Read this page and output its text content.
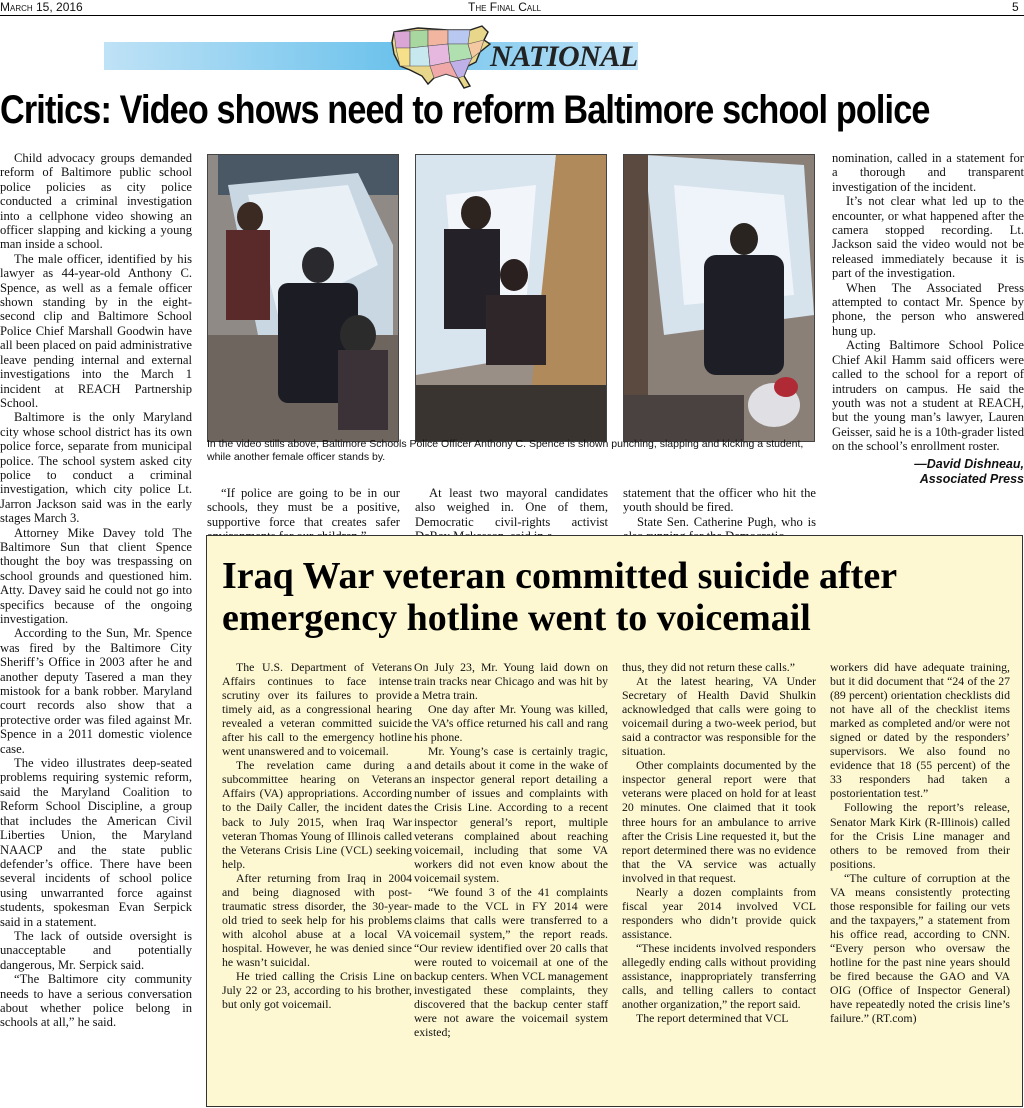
March 15, 2016	The Final Call	5
NATIONAL
Critics: Video shows need to reform Baltimore school police

Child advocacy groups demanded reform of Baltimore public school police policies as city police conducted a criminal investigation into a cellphone video showing an officer slapping and kicking a young man inside a school.

The male officer, identified by his lawyer as 44-year-old Anthony C. Spence, as well as a female officer shown standing by in the eight-second clip and Baltimore School Police Chief Marshall Goodwin have all been placed on paid administrative leave pending internal and external investigations into the March 1 incident at REACH Partnership School.

Baltimore is the only Maryland city whose school district has its own police force, separate from municipal police. The school system asked city police to conduct a criminal investigation, which city police Lt. Jarron Jackson said was in the early stages March 3.

Attorney Mike Davey told The Baltimore Sun that client Spence thought the boy was trespassing on school grounds and questioned him. Atty. Davey said he could not go into specifics because of the ongoing investigation.

According to the Sun, Mr. Spence was fired by the Baltimore City Sheriff’s Office in 2003 after he and another deputy Tasered a man they mistook for a bank robber. Maryland court records also show that a protective order was filed against Mr. Spence in a 2011 domestic violence case.

The video illustrates deep-seated problems requiring systemic reform, said the Maryland Coalition to Reform School Discipline, a group that includes the American Civil Liberties Union, the Maryland NAACP and the state public defender’s office. There have been several incidents of school police using unwarranted force against students, spokesman Evan Serpick said in a statement.

The lack of outside oversight is unacceptable and potentially dangerous, Mr. Serpick said.

“The Baltimore city community needs to have a serious conversation about whether police belong in schools at all,” he said.

In the video stills above, Baltimore Schools Police Officer Anthony C. Spence is shown punching, slapping and kicking a student, while another female officer stands by.

“If police are going to be in our schools, they must be a positive, supportive force that creates safer

At least two mayoral candidates also weighed in. One of them, Democratic civil-rights activist

statement that the officer who hit the youth should be fired.

State Sen. Catherine Pugh, who is

nomination, called in a statement for a thorough and transparent investigation of the incident.

It’s not clear what led up to the encounter, or what happened after the camera stopped recording. Lt. Jackson said the video would not be released immediately because it is part of the investigation.

When The Associated Press attempted to contact Mr. Spence by phone, the person who answered hung up.

Acting Baltimore School Police Chief Akil Hamm said officers were called to the school for a report of intruders on campus. He said the youth was not a student at REACH, but the young man’s lawyer, Lauren Geisser, said he is a 10th-grader listed on the school’s enrollment roster.

—David Dishneau,
Associated Press
Iraq War veteran committed suicide after emergency hotline went to voicemail

The U.S. Department of Veterans Affairs continues to face intense scrutiny over its failures to provide timely aid, as a congressional hearing revealed a veteran committed suicide after his call to the emergency hotline went unanswered and to voicemail.

The revelation came during a subcommittee hearing on Veterans Affairs (VA) appropriations. According to the Daily Caller, the incident dates back to July 2015, when Iraq War veteran Thomas Young of Illinois called the Veterans Crisis Line (VCL) seeking help.

After returning from Iraq in 2004 and being diagnosed with post-traumatic stress disorder, the 30-year-old tried to seek help for his problems with alcohol abuse at a local VA hospital. However, he was denied since he wasn’t suicidal.

He tried calling the Crisis Line on July 22 or 23, according to his brother, but only got voicemail.

On July 23, Mr. Young laid down on train tracks near Chicago and was hit by a Metra train.

One day after Mr. Young was killed, the VA’s office returned his call and rang his phone.

Mr. Young’s case is certainly tragic, and details about it come in the wake of an inspector general report detailing a number of issues and complaints with the Crisis Line. According to a recent inspector general’s report, multiple veterans complained about reaching voicemail, including that some VA workers did not even know about the voicemail system.

“We found 3 of the 41 complaints made to the VCL in FY 2014 were claims that calls were transferred to a voicemail system,” the report reads. “Our review identified over 20 calls that were routed to voicemail at one of the backup centers. When VCL management investigated these complaints, they discovered that the backup center staff were not aware the voicemail system existed;

thus, they did not return these calls.”

At the latest hearing, VA Under Secretary of Health David Shulkin acknowledged that calls were going to voicemail during a two-week period, but said a contractor was responsible for the situation.

Other complaints documented by the inspector general report were that veterans were placed on hold for at least 20 minutes. One claimed that it took three hours for an ambulance to arrive after the Crisis Line requested it, but the report determined there was no evidence that the VA service was actually involved in that request.

Nearly a dozen complaints from fiscal year 2014 involved VCL responders who didn’t provide quick assistance.

“These incidents involved responders allegedly ending calls without providing assistance, inappropriately transferring calls, and telling callers to contact another organization,” the report said.

The report determined that VCL

workers did have adequate training, but it did document that “24 of the 27 (89 percent) orientation checklists did not have all of the checklist items marked as completed and/or were not signed or dated by the responders’ supervisors. We also found no evidence that 18 (55 percent) of the 33 responders had taken a postorientation test.”

Following the report’s release, Senator Mark Kirk (R-Illinois) called for the Crisis Line manager and others to be removed from their positions.

“The culture of corruption at the VA means consistently protecting those responsible for failing our vets and the taxpayers,” a statement from his office read, according to CNN. “Every person who oversaw the hotline for the past nine years should be fired because the GAO and VA OIG (Office of Inspector General) have repeatedly noted the crisis line’s failure.” (RT.com)
